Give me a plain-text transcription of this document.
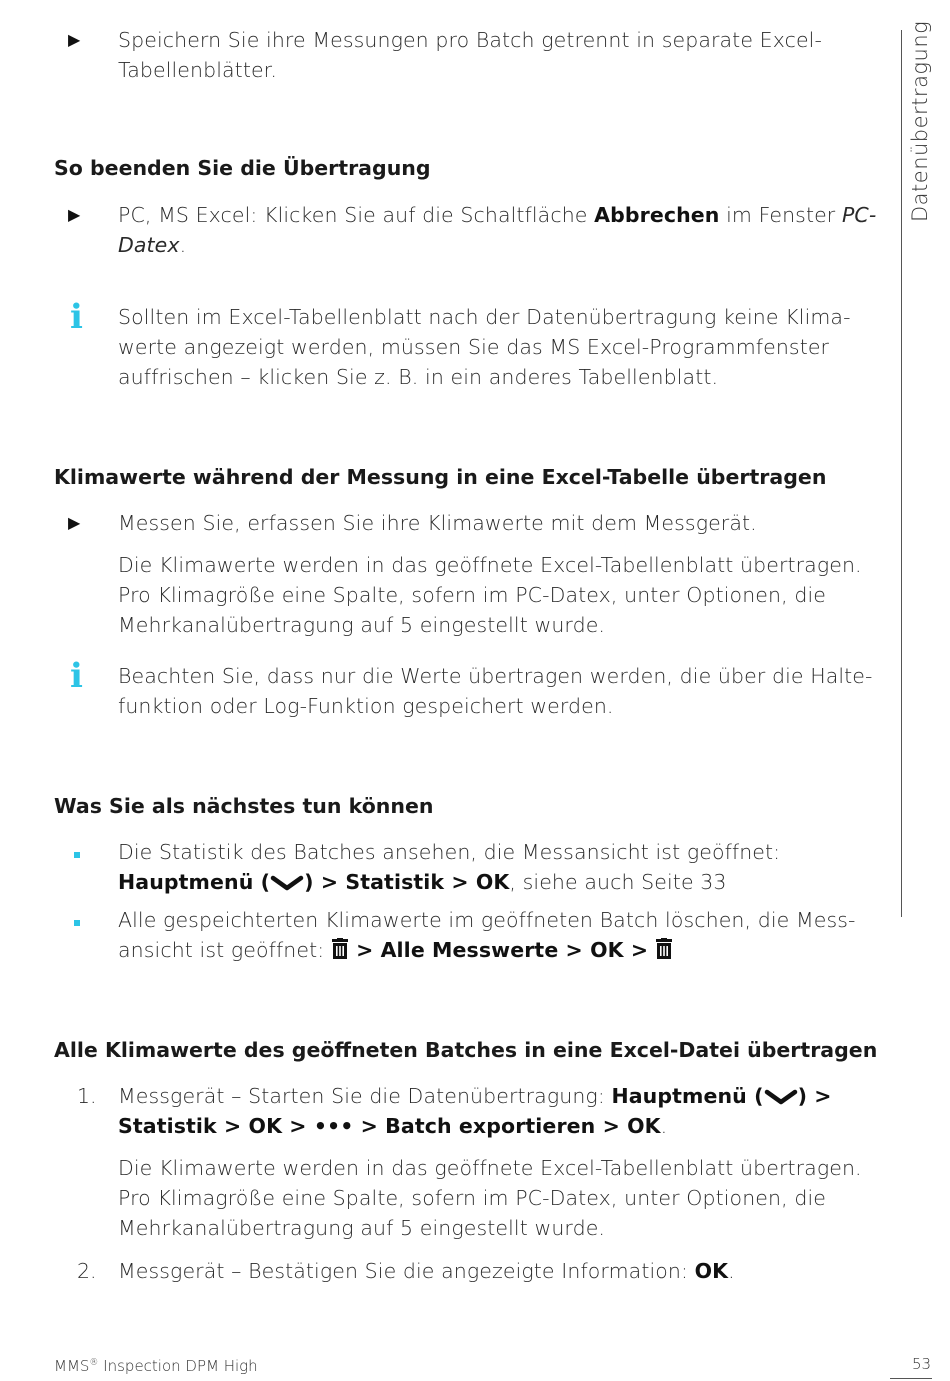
Datenübertragung
▶ Speichern Sie ihre Messungen pro Batch getrennt in separate Excel-
Tabellenblätter.
So beenden Sie die Übertragung
▶ PC, MS Excel: Klicken Sie auf die Schaltfläche Abbrechen im Fenster PC-
Datex.
i Sollten im Excel-Tabellenblatt nach der Datenübertragung keine Klima-
werte angezeigt werden, müssen Sie das MS Excel-Programmfenster
auffrischen – klicken Sie z. B. in ein anderes Tabellenblatt.
Klimawerte während der Messung in eine Excel-Tabelle übertragen
▶ Messen Sie, erfassen Sie ihre Klimawerte mit dem Messgerät.
Die Klimawerte werden in das geöffnete Excel-Tabellenblatt übertragen.
Pro Klimagröße eine Spalte, sofern im PC-Datex, unter Optionen, die
Mehrkanalübertragung auf 5 eingestellt wurde.
i Beachten Sie, dass nur die Werte übertragen werden, die über die Halte-
funktion oder Log-Funktion gespeichert werden.
Was Sie als nächstes tun können
Die Statistik des Batches ansehen, die Messansicht ist geöffnet:
Hauptmenü ( ) > Statistik > OK, siehe auch Seite 33
Alle gespeichterten Klimawerte im geöffneten Batch löschen, die Mess-
ansicht ist geöffnet:  > Alle Messwerte > OK >
Alle Klimawerte des geöffneten Batches in eine Excel-Datei übertragen
1. Messgerät – Starten Sie die Datenübertragung: Hauptmenü ( ) >
Statistik > OK > ••• > Batch exportieren > OK.
Die Klimawerte werden in das geöffnete Excel-Tabellenblatt übertragen.
Pro Klimagröße eine Spalte, sofern im PC-Datex, unter Optionen, die
Mehrkanalübertragung auf 5 eingestellt wurde.
2. Messgerät – Bestätigen Sie die angezeigte Information: OK.
MMS® Inspection DPM High	53
